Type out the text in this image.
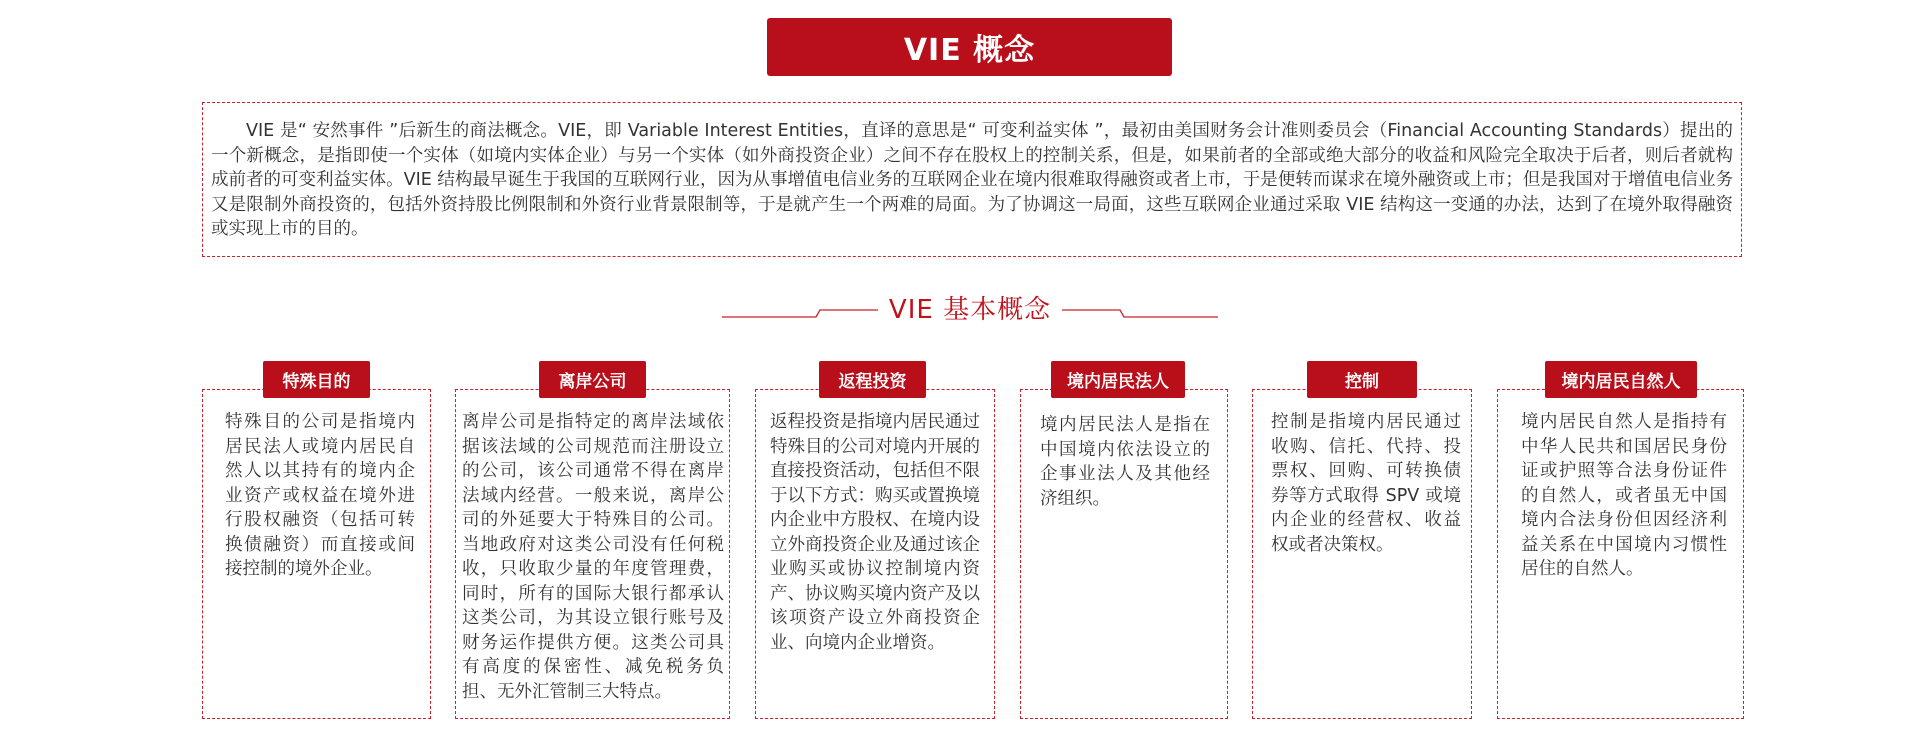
VIE 概念
VIE 是“ 安然事件 ”后新生的商法概念。VIE，即 Variable Interest Entities，直译的意思是“ 可变利益实体 ”，最初由美国财务会计准则委员会（Financial Accounting Standards）提出的一个新概念，是指即使一个实体（如境内实体企业）与另一个实体（如外商投资企业）之间不存在股权上的控制关系，但是，如果前者的全部或绝大部分的收益和风险完全取决于后者，则后者就构成前者的可变利益实体。VIE 结构最早诞生于我国的互联网行业，因为从事增值电信业务的互联网企业在境内很难取得融资或者上市，于是便转而谋求在境外融资或上市；但是我国对于增值电信业务又是限制外商投资的，包括外资持股比例限制和外资行业背景限制等，于是就产生一个两难的局面。为了协调这一局面，这些互联网企业通过采取 VIE 结构这一变通的办法，达到了在境外取得融资或实现上市的目的。
VIE 基本概念
特殊目的
特殊目的公司是指境内居民法人或境内居民自然人以其持有的境内企业资产或权益在境外进行股权融资（包括可转换债融资）而直接或间接控制的境外企业。
离岸公司
离岸公司是指特定的离岸法域依据该法域的公司规范而注册设立的公司，该公司通常不得在离岸法域内经营。一般来说，离岸公司的外延要大于特殊目的公司。当地政府对这类公司没有任何税收，只收取少量的年度管理费，同时，所有的国际大银行都承认这类公司，为其设立银行账号及财务运作提供方便。这类公司具有高度的保密性、减免税务负担、无外汇管制三大特点。
返程投资
返程投资是指境内居民通过特殊目的公司对境内开展的直接投资活动，包括但不限于以下方式：购买或置换境内企业中方股权、在境内设立外商投资企业及通过该企业购买或协议控制境内资产、协议购买境内资产及以该项资产设立外商投资企业、向境内企业增资。
境内居民法人
境内居民法人是指在中国境内依法设立的企事业法人及其他经济组织。
控制
控制是指境内居民通过收购、信托、代持、投票权、回购、可转换债券等方式取得 SPV 或境内企业的经营权、收益权或者决策权。
境内居民自然人
境内居民自然人是指持有中华人民共和国居民身份证或护照等合法身份证件的自然人，或者虽无中国境内合法身份但因经济利益关系在中国境内习惯性居住的自然人。
